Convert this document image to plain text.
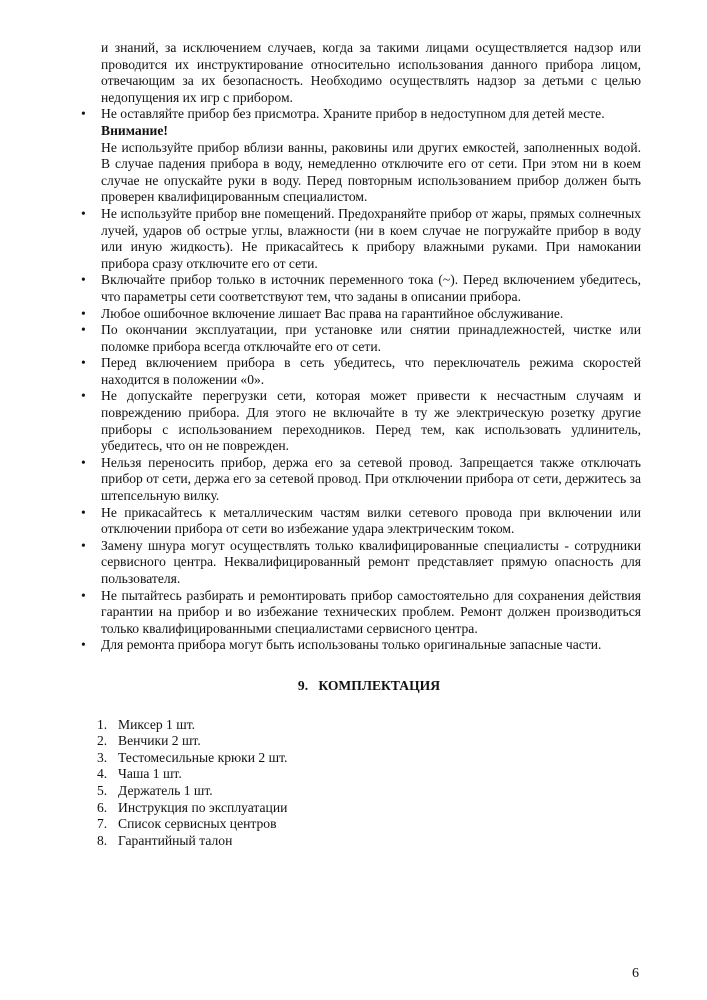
и знаний, за исключением случаев, когда за такими лицами осуществляется надзор или проводится их инструктирование относительно использования данного прибора лицом, отвечающим за их безопасность. Необходимо осуществлять надзор за детьми с целью недопущения их игр с прибором.
• Не оставляйте прибор без присмотра. Храните прибор в недоступном для детей месте.
Внимание!
Не используйте прибор вблизи ванны, раковины или других емкостей, заполненных водой. В случае падения прибора в воду, немедленно отключите его от сети. При этом ни в коем случае не опускайте руки в воду. Перед повторным использованием прибор должен быть проверен квалифицированным специалистом.
• Не используйте прибор вне помещений. Предохраняйте прибор от жары, прямых солнечных лучей, ударов об острые углы, влажности (ни в коем случае не погружайте прибор в воду или иную жидкость). Не прикасайтесь к прибору влажными руками. При намокании прибора сразу отключите его от сети.
• Включайте прибор только в источник переменного тока (~). Перед включением убедитесь, что параметры сети соответствуют тем, что заданы в описании прибора.
• Любое ошибочное включение лишает Вас права на гарантийное обслуживание.
• По окончании эксплуатации, при установке или снятии принадлежностей, чистке или поломке прибора всегда отключайте его от сети.
• Перед включением прибора в сеть убедитесь, что переключатель режима скоростей находится в положении «0».
• Не допускайте перегрузки сети, которая может привести к несчастным случаям и повреждению прибора. Для этого не включайте в ту же электрическую розетку другие приборы с использованием переходников. Перед тем, как использовать удлинитель, убедитесь, что он не поврежден.
• Нельзя переносить прибор, держа его за сетевой провод. Запрещается также отключать прибор от сети, держа его за сетевой провод. При отключении прибора от сети, держитесь за штепсельную вилку.
• Не прикасайтесь к металлическим частям вилки сетевого провода при включении или отключении прибора от сети во избежание удара электрическим током.
• Замену шнура могут осуществлять только квалифицированные специалисты - сотрудники сервисного центра. Неквалифицированный ремонт представляет прямую опасность для пользователя.
• Не пытайтесь разбирать и ремонтировать прибор самостоятельно для сохранения действия гарантии на прибор и во избежание технических проблем. Ремонт должен производиться только квалифицированными специалистами сервисного центра.
• Для ремонта прибора могут быть использованы только оригинальные запасные части.
9. КОМПЛЕКТАЦИЯ
1. Миксер 1 шт.
2. Венчики 2 шт.
3. Тестомесильные крюки 2 шт.
4. Чаша 1 шт.
5. Держатель 1 шт.
6. Инструкция по эксплуатации
7. Список сервисных центров
8. Гарантийный талон
6
